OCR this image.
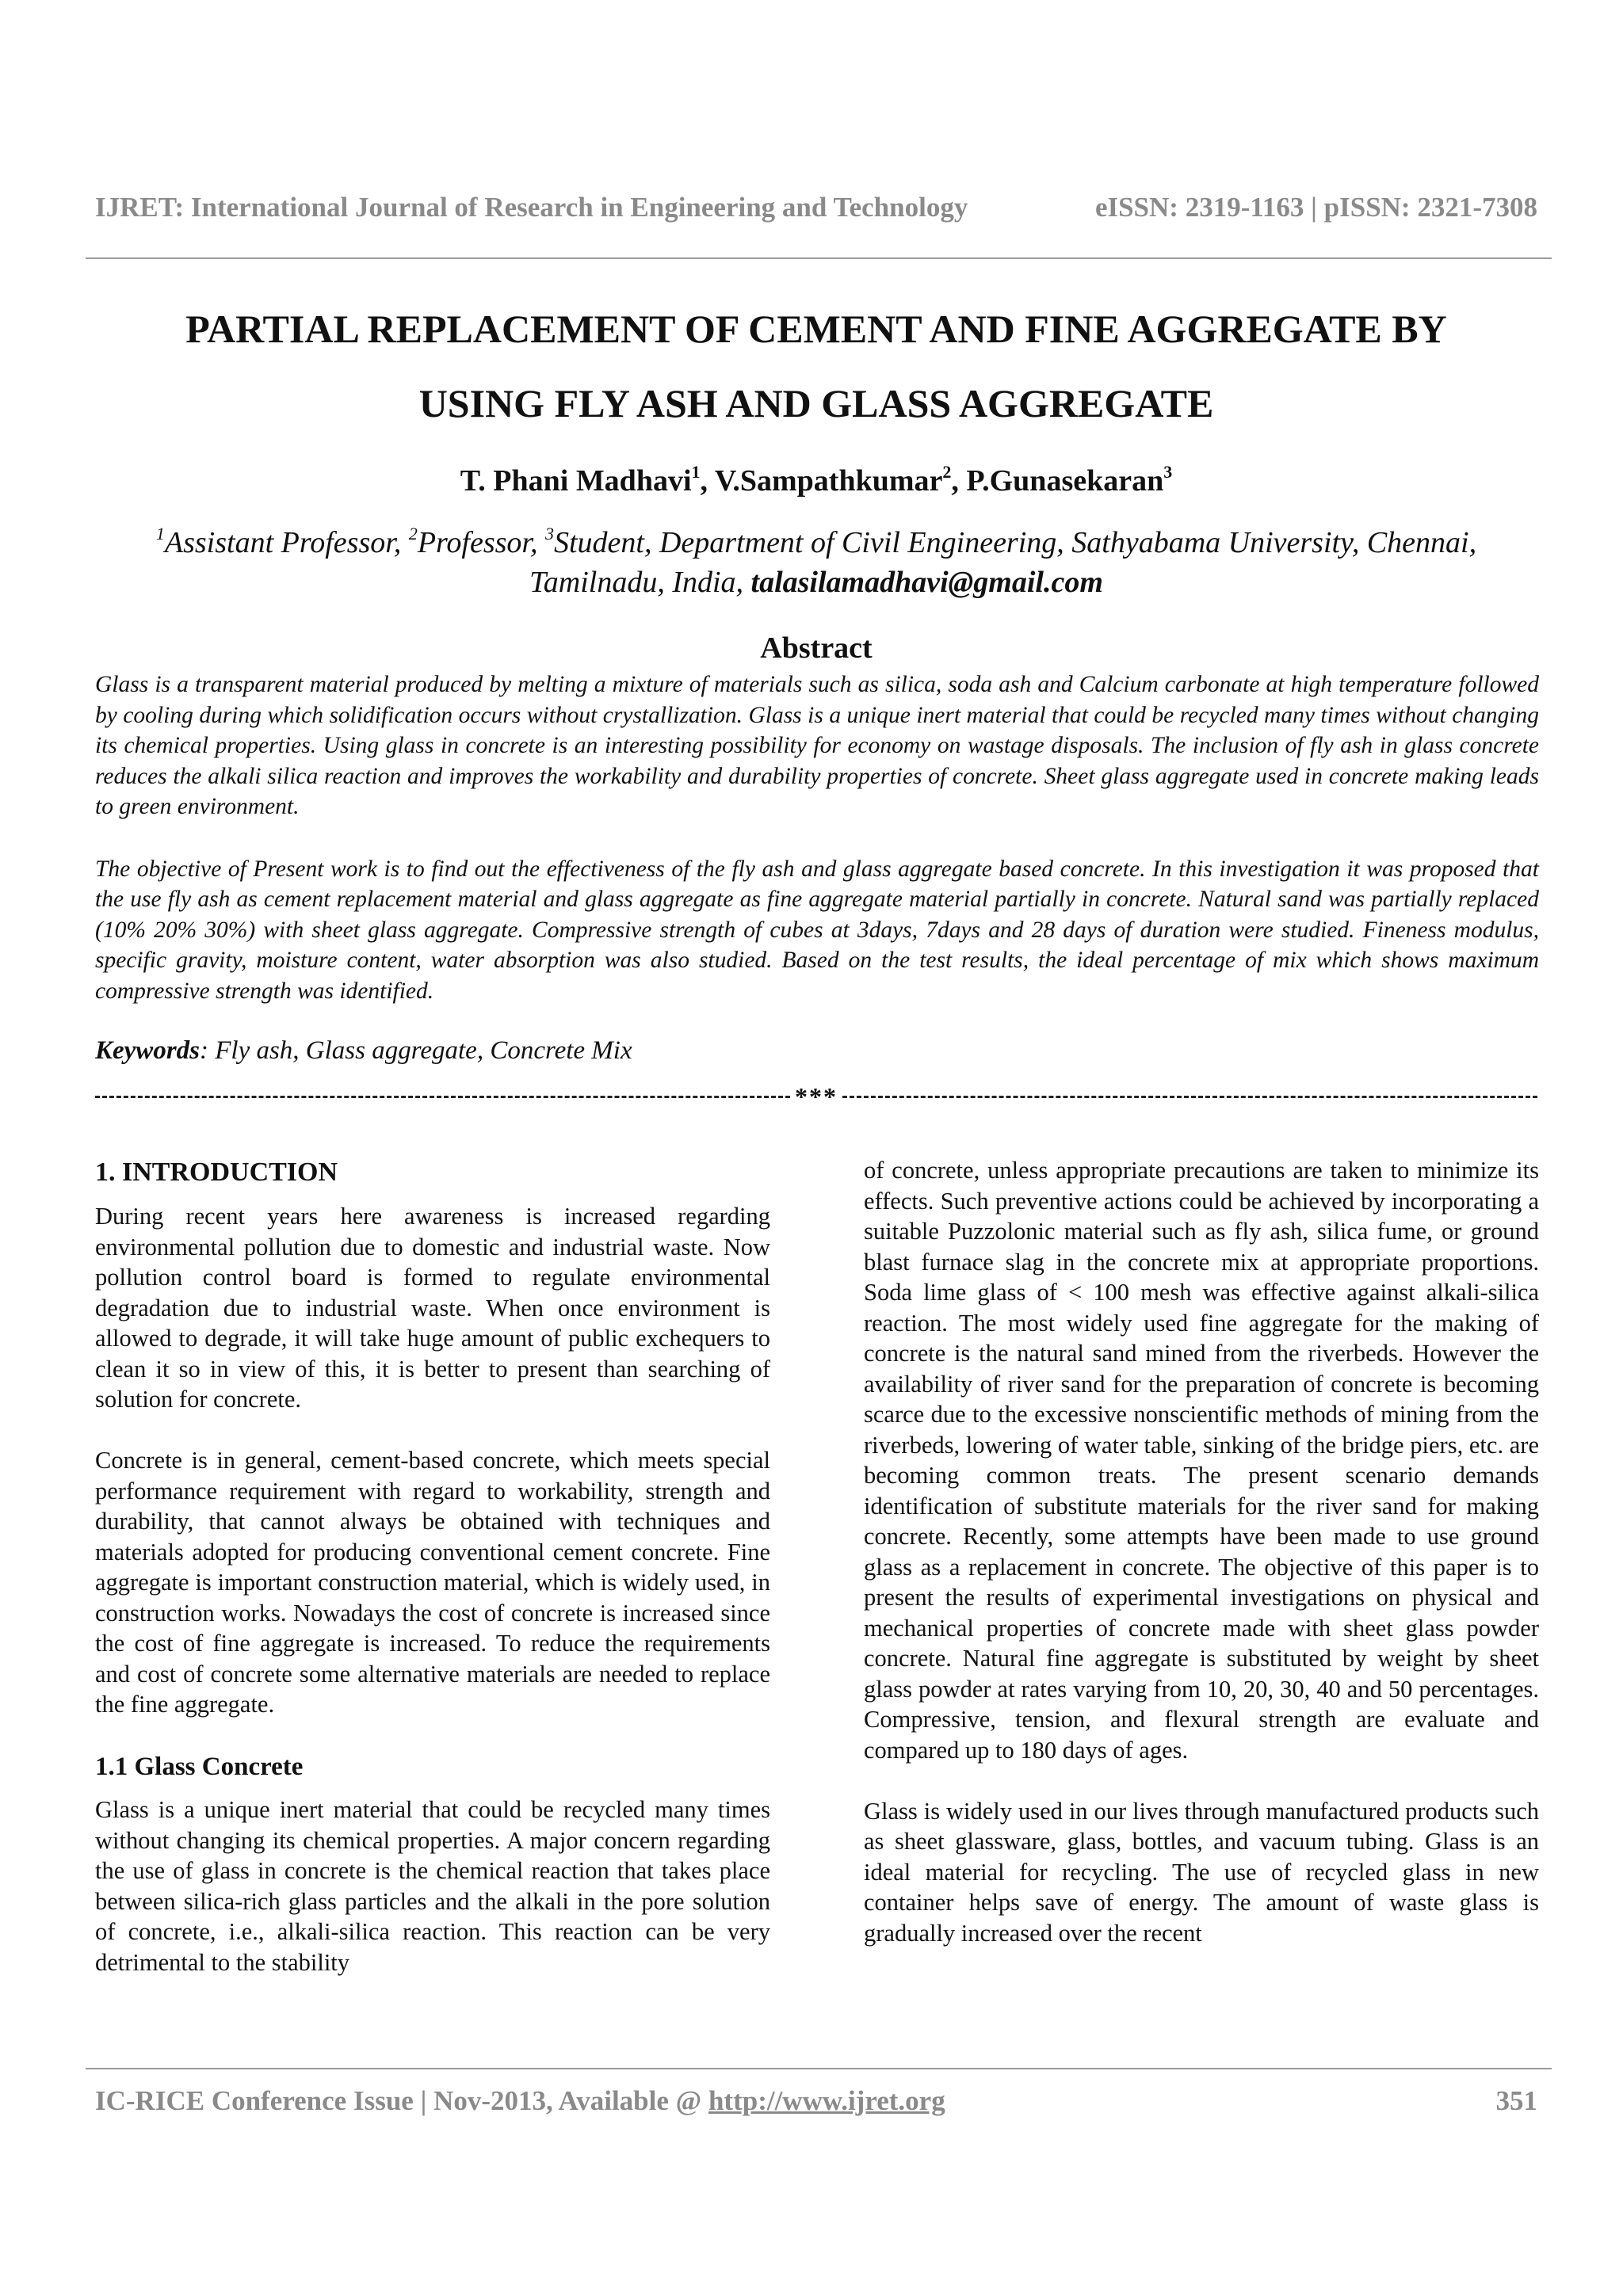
IJRET: International Journal of Research in Engineering and Technology	eISSN: 2319-1163 | pISSN: 2321-7308
PARTIAL REPLACEMENT OF CEMENT AND FINE AGGREGATE BY
USING FLY ASH AND GLASS AGGREGATE
T. Phani Madhavi$^1$, V.Sampathkumar$^2$, P.Gunasekaran$^3$
$^1$Assistant Professor, $^2$Professor, $^3$Student, Department of Civil Engineering, Sathyabama University, Chennai,
Tamilnadu, India, talasilamadhavi@gmail.com
Abstract

Glass is a transparent material produced by melting a mixture of materials such as silica, soda ash and Calcium carbonate at high temperature followed by cooling during which solidification occurs without crystallization. Glass is a unique inert material that could be recycled many times without changing its chemical properties. Using glass in concrete is an interesting possibility for economy on wastage disposals. The inclusion of fly ash in glass concrete reduces the alkali silica reaction and improves the workability and durability properties of concrete. Sheet glass aggregate used in concrete making leads to green environment.

The objective of Present work is to find out the effectiveness of the fly ash and glass aggregate based concrete. In this investigation it was proposed that the use fly ash as cement replacement material and glass aggregate as fine aggregate material partially in concrete. Natural sand was partially replaced (10% 20% 30%) with sheet glass aggregate. Compressive strength of cubes at 3days, 7days and 28 days of duration were studied. Fineness modulus, specific gravity, moisture content, water absorption was also studied. Based on the test results, the ideal percentage of mix which shows maximum compressive strength was identified.

Keywords: Fly ash, Glass aggregate, Concrete Mix
***
1. INTRODUCTION

During recent years here awareness is increased regarding environmental pollution due to domestic and industrial waste. Now pollution control board is formed to regulate environmental degradation due to industrial waste. When once environment is allowed to degrade, it will take huge amount of public exchequers to clean it so in view of this, it is better to present than searching of solution for concrete.

Concrete is in general, cement-based concrete, which meets special performance requirement with regard to workability, strength and durability, that cannot always be obtained with techniques and materials adopted for producing conventional cement concrete. Fine aggregate is important construction material, which is widely used, in construction works. Nowadays the cost of concrete is increased since the cost of fine aggregate is increased. To reduce the requirements and cost of concrete some alternative materials are needed to replace the fine aggregate.

1.1 Glass Concrete

Glass is a unique inert material that could be recycled many times without changing its chemical properties. A major concern regarding the use of glass in concrete is the chemical reaction that takes place between silica-rich glass particles and the alkali in the pore solution of concrete, i.e., alkali-silica reaction. This reaction can be very detrimental to the stability

of concrete, unless appropriate precautions are taken to minimize its effects. Such preventive actions could be achieved by incorporating a suitable Puzzolonic material such as fly ash, silica fume, or ground blast furnace slag in the concrete mix at appropriate proportions. Soda lime glass of < 100 mesh was effective against alkali-silica reaction. The most widely used fine aggregate for the making of concrete is the natural sand mined from the riverbeds. However the availability of river sand for the preparation of concrete is becoming scarce due to the excessive nonscientific methods of mining from the riverbeds, lowering of water table, sinking of the bridge piers, etc. are becoming common treats. The present scenario demands identification of substitute materials for the river sand for making concrete. Recently, some attempts have been made to use ground glass as a replacement in concrete. The objective of this paper is to present the results of experimental investigations on physical and mechanical properties of concrete made with sheet glass powder concrete. Natural fine aggregate is substituted by weight by sheet glass powder at rates varying from 10, 20, 30, 40 and 50 percentages. Compressive, tension, and flexural strength are evaluate and compared up to 180 days of ages.

Glass is widely used in our lives through manufactured products such as sheet glassware, glass, bottles, and vacuum tubing. Glass is an ideal material for recycling. The use of recycled glass in new container helps save of energy. The amount of waste glass is gradually increased over the recent

IC-RICE Conference Issue | Nov-2013, Available @ http://www.ijret.org	351
